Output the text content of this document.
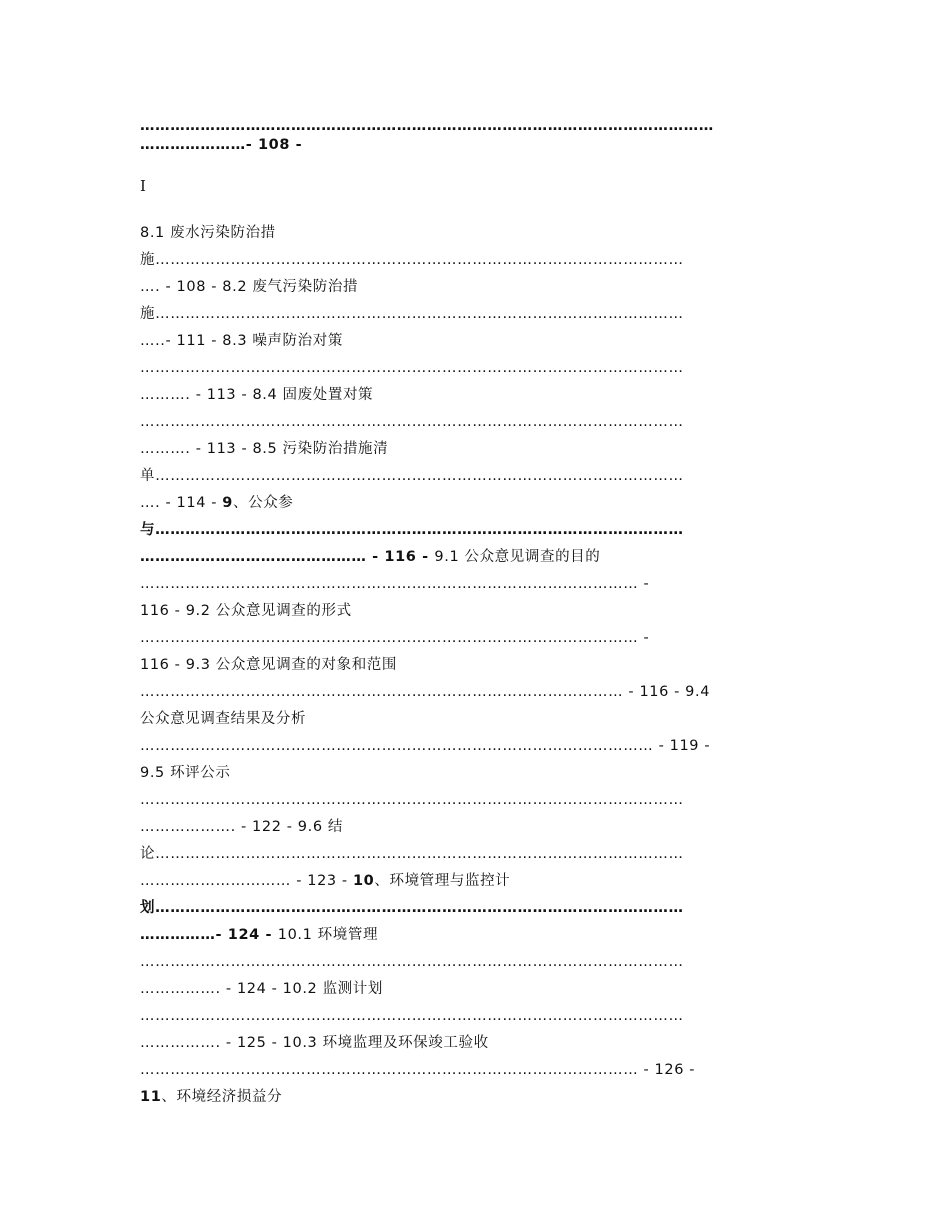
……………………………………………………………………………………………………

…………………- 108 -

I

8.1 废水污染防治措

施……………………………………………………………………………………………

…. - 108 - 8.2 废气污染防治措

施……………………………………………………………………………………………

…..- 111 - 8.3 噪声防治对策

………………………………………………………………………………………………

………. - 113 - 8.4 固废处置对策

………………………………………………………………………………………………

………. - 113 - 8.5 污染防治措施清

单……………………………………………………………………………………………

…. - 114 - 9、公众参

与……………………………………………………………………………………………

……………………………………… - 116 - 9.1 公众意见调查的目的

……………………………………………………………………………………… -

116 - 9.2 公众意见调查的形式

……………………………………………………………………………………… -

116 - 9.3 公众意见调查的对象和范围

…………………………………………………………………………………… - 116 - 9.4

公众意见调查结果及分析

………………………………………………………………………………………… - 119 -

9.5 环评公示

………………………………………………………………………………………………

………………. - 122 - 9.6 结

论……………………………………………………………………………………………

………………………… - 123 - 10、环境管理与监控计

划……………………………………………………………………………………………

……………- 124 - 10.1 环境管理

………………………………………………………………………………………………

……………. - 124 - 10.2 监测计划

………………………………………………………………………………………………

……………. - 125 - 10.3 环境监理及环保竣工验收

……………………………………………………………………………………… - 126 -

11、环境经济损益分
